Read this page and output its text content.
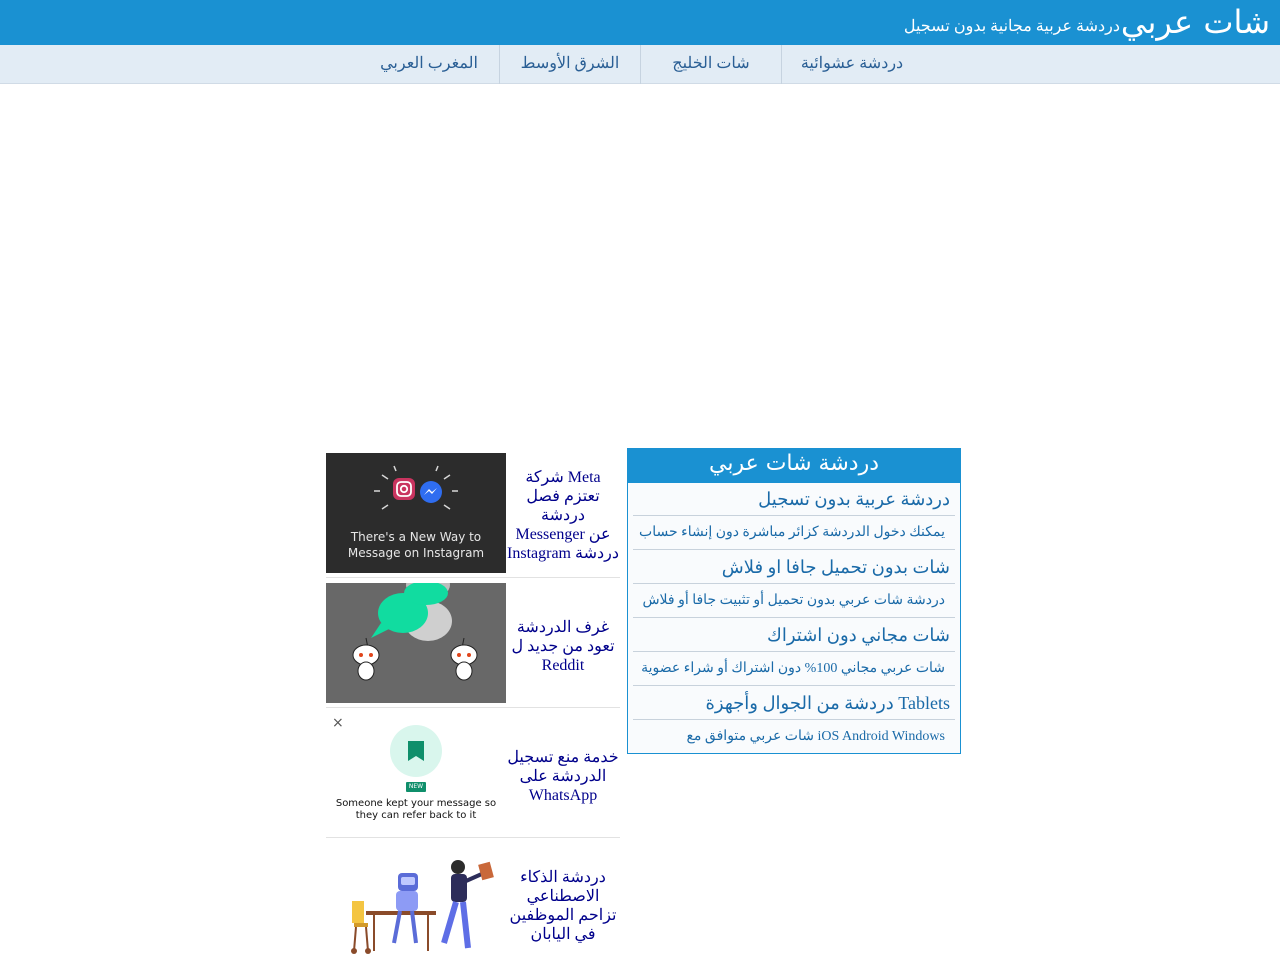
شات عربي
دردشة عربية مجانية بدون تسجيل
دردشة عشوائية
شات الخليج
الشرق الأوسط
المغرب العربي
There's a New Way to Message on Instagram
شركة Meta تعتزم فصل دردشة Messenger عن Instagram دردشة
غرف الدردشة تعود من جديد ل Reddit
×
NEW
Someone kept your message so they can refer back to it
خدمة منع تسجيل الدردشة على WhatsApp
دردشة الذكاء الاصطناعي تزاحم الموظفين في اليابان
دردشة شات عربي
دردشة عربية بدون تسجيل
يمكنك دخول الدردشة كزائر مباشرة دون إنشاء حساب
شات بدون تحميل جافا او فلاش
دردشة شات عربي بدون تحميل أو تثبيت جافا أو فلاش
شات مجاني دون اشتراك
شات عربي مجاني 100% دون اشتراك أو شراء عضوية
دردشة من الجوال وأجهزة Tablets
شات عربي متوافق مع iOS Android Windows
